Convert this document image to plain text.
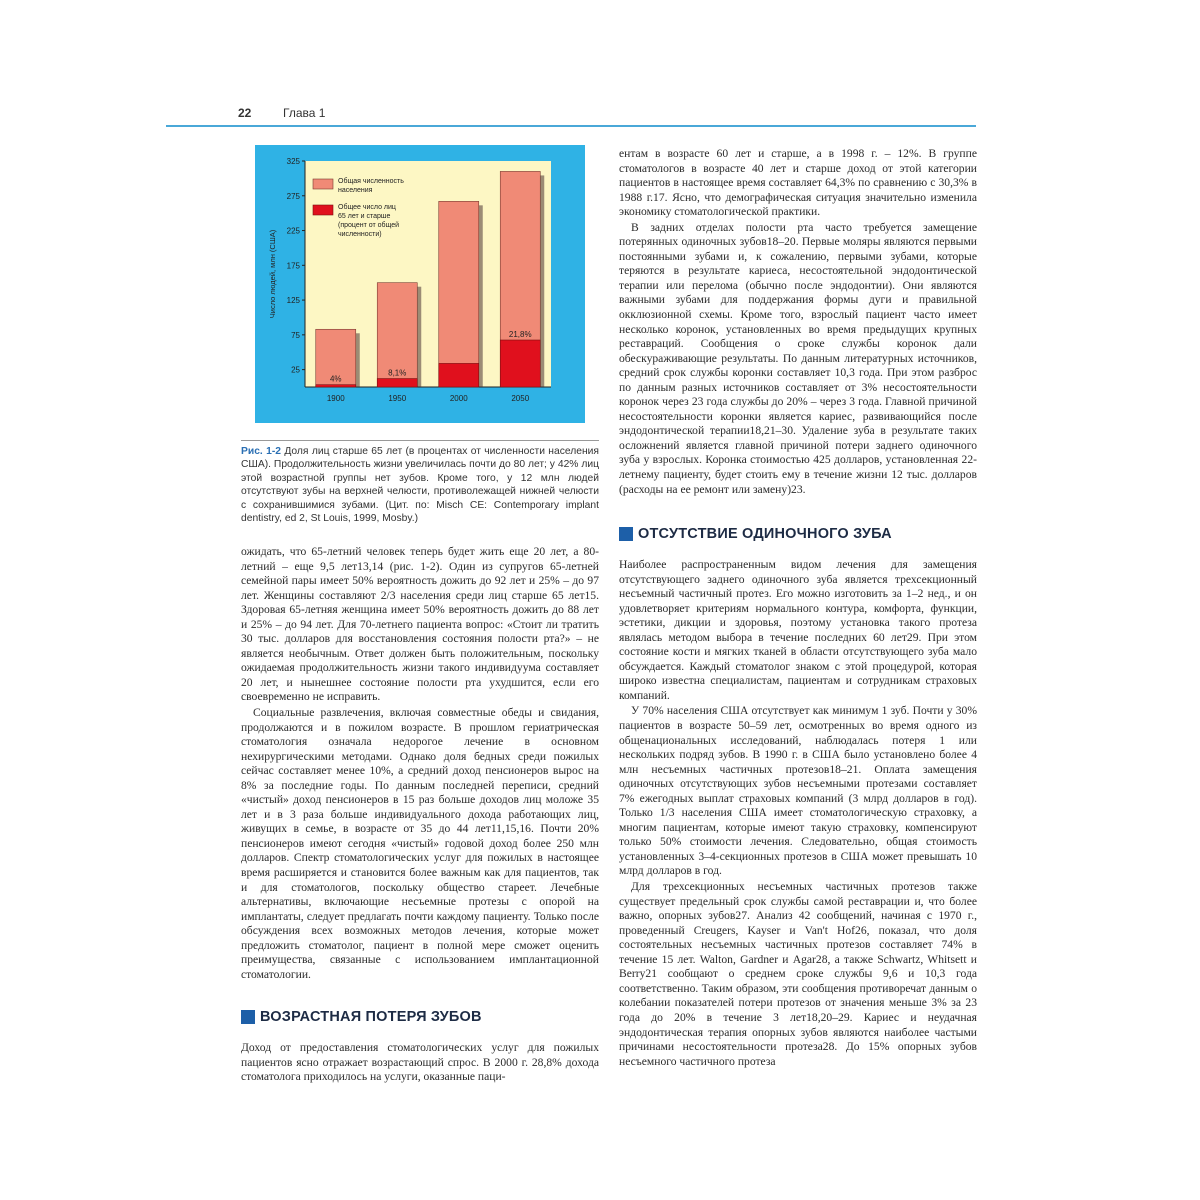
22	Глава 1
25
75
125
175
225
275
325
Число людей, млн (США)
4%
1900
8,1%
1950	2000
21,8%
2050
Общая численность населения
Общее число лиц 65 лет и старше (процент от общей численности)
Рис. 1-2 Доля лиц старше 65 лет (в процентах от численности населения США). Продолжительность жизни увеличилась почти до 80 лет; у 42% лиц этой возрастной группы нет зубов. Кроме того, у 12 млн людей отсутствуют зубы на верхней челюсти, противолежащей нижней челюсти с сохранившимися зубами. (Цит. по: Misch CE: Contemporary implant dentistry, ed 2, St Louis, 1999, Mosby.)

ожидать, что 65-летний человек теперь будет жить еще 20 лет, а 80-летний – еще 9,5 лет13,14 (рис. 1-2). Один из супругов 65-летней семейной пары имеет 50% вероятность дожить до 92 лет и 25% – до 97 лет. Женщины составляют 2/3 населения среди лиц старше 65 лет15. Здоровая 65-летняя женщина имеет 50% вероятность дожить до 88 лет и 25% – до 94 лет. Для 70-летнего пациента вопрос: «Стоит ли тратить 30 тыс. долларов для восстановления состояния полости рта?» – не является необычным. Ответ должен быть положительным, поскольку ожидаемая продолжительность жизни такого индивидуума составляет 20 лет, и нынешнее состояние полости рта ухудшится, если его своевременно не исправить.

Социальные развлечения, включая совместные обеды и свидания, продолжаются и в пожилом возрасте. В прошлом гериатрическая стоматология означала недорогое лечение в основном нехирургическими методами. Однако доля бедных среди пожилых сейчас составляет менее 10%, а средний доход пенсионеров вырос на 8% за последние годы. По данным последней переписи, средний «чистый» доход пенсионеров в 15 раз больше доходов лиц моложе 35 лет и в 3 раза больше индивидуального дохода работающих лиц, живущих в семье, в возрасте от 35 до 44 лет11,15,16. Почти 20% пенсионеров имеют сегодня «чистый» годовой доход более 250 млн долларов. Спектр стоматологических услуг для пожилых в настоящее время расширяется и становится более важным как для пациентов, так и для стоматологов, поскольку общество стареет. Лечебные альтернативы, включающие несъемные протезы с опорой на имплантаты, следует предлагать почти каждому пациенту. Только после обсуждения всех возможных методов лечения, которые может предложить стоматолог, пациент в полной мере сможет оценить преимущества, связанные с использованием имплантационной стоматологии.

ВОЗРАСТНАЯ ПОТЕРЯ ЗУБОВ

Доход от предоставления стоматологических услуг для пожилых пациентов ясно отражает возрастающий спрос. В 2000 г. 28,8% дохода стоматолога приходилось на услуги, оказанные паци-

ентам в возрасте 60 лет и старше, а в 1998 г. – 12%. В группе стоматологов в возрасте 40 лет и старше доход от этой категории пациентов в настоящее время составляет 64,3% по сравнению с 30,3% в 1988 г.17. Ясно, что демографическая ситуация значительно изменила экономику стоматологической практики.

В задних отделах полости рта часто требуется замещение потерянных одиночных зубов18–20. Первые моляры являются первыми постоянными зубами и, к сожалению, первыми зубами, которые теряются в результате кариеса, несостоятельной эндодонтической терапии или перелома (обычно после эндодонтии). Они являются важными зубами для поддержания формы дуги и правильной окклюзионной схемы. Кроме того, взрослый пациент часто имеет несколько коронок, установленных во время предыдущих крупных реставраций. Сообщения о сроке службы коронок дали обескураживающие результаты. По данным литературных источников, средний срок службы коронки составляет 10,3 года. При этом разброс по данным разных источников составляет от 3% несостоятельности коронок через 23 года службы до 20% – через 3 года. Главной причиной несостоятельности коронки является кариес, развивающийся после эндодонтической терапии18,21–30. Удаление зуба в результате таких осложнений является главной причиной потери заднего одиночного зуба у взрослых. Коронка стоимостью 425 долларов, установленная 22-летнему пациенту, будет стоить ему в течение жизни 12 тыс. долларов (расходы на ее ремонт или замену)23.

ОТСУТСТВИЕ ОДИНОЧНОГО ЗУБА

Наиболее распространенным видом лечения для замещения отсутствующего заднего одиночного зуба является трехсекционный несъемный частичный протез. Его можно изготовить за 1–2 нед., и он удовлетворяет критериям нормального контура, комфорта, функции, эстетики, дикции и здоровья, поэтому установка такого протеза являлась методом выбора в течение последних 60 лет29. При этом состояние кости и мягких тканей в области отсутствующего зуба мало обсуждается. Каждый стоматолог знаком с этой процедурой, которая широко известна специалистам, пациентам и сотрудникам страховых компаний.

У 70% населения США отсутствует как минимум 1 зуб. Почти у 30% пациентов в возрасте 50–59 лет, осмотренных во время одного из общенациональных исследований, наблюдалась потеря 1 или нескольких подряд зубов. В 1990 г. в США было установлено более 4 млн несъемных частичных протезов18–21. Оплата замещения одиночных отсутствующих зубов несъемными протезами составляет 7% ежегодных выплат страховых компаний (3 млрд долларов в год). Только 1/3 населения США имеет стоматологическую страховку, а многим пациентам, которые имеют такую страховку, компенсируют только 50% стоимости лечения. Следовательно, общая стоимость установленных 3–4-секционных протезов в США может превышать 10 млрд долларов в год.

Для трехсекционных несъемных частичных протезов также существует предельный срок службы самой реставрации и, что более важно, опорных зубов27. Анализ 42 сообщений, начиная с 1970 г., проведенный Creugers, Kayser и Van't Hof26, показал, что доля состоятельных несъемных частичных протезов составляет 74% в течение 15 лет. Walton, Gardner и Agar28, а также Schwartz, Whitsett и Berry21 сообщают о среднем сроке службы 9,6 и 10,3 года соответственно. Таким образом, эти сообщения противоречат данным о колебании показателей потери протезов от значения меньше 3% за 23 года до 20% в течение 3 лет18,20–29. Кариес и неудачная эндодонтическая терапия опорных зубов являются наиболее частыми причинами несостоятельности протеза28. До 15% опорных зубов несъемного частичного протеза
